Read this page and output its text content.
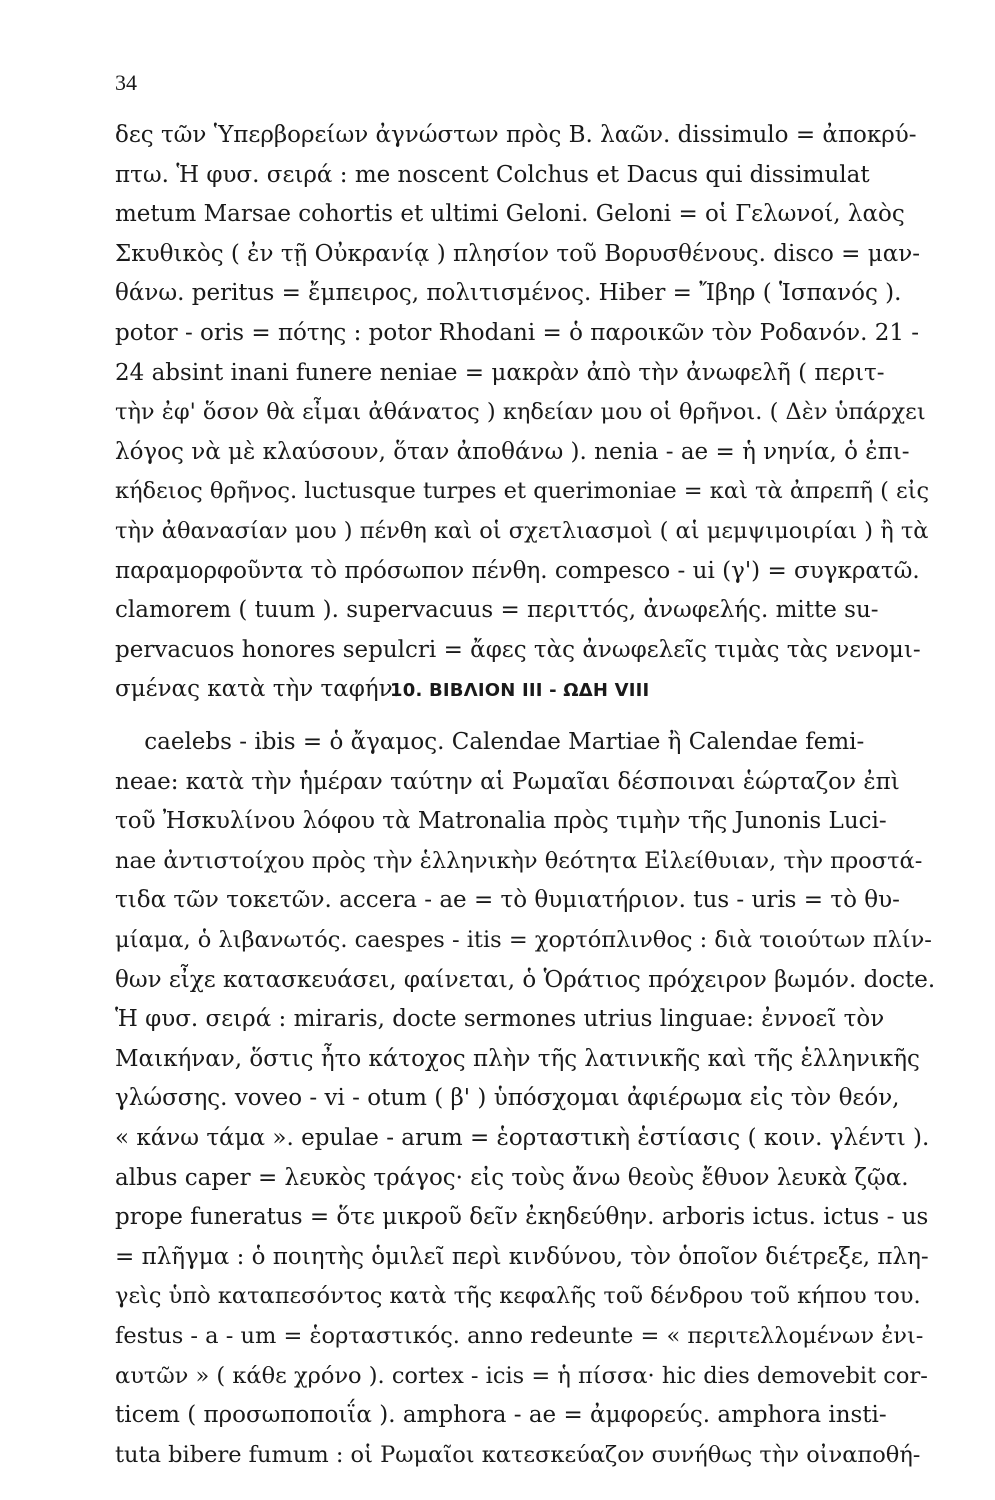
34
δες τῶν Ὑπερβορείων ἀγνώστων πρὸς Β. λαῶν. dissimulo = ἀποκρύ-
πτω. Ἡ φυσ. σειρά : me noscent Colchus et Dacus qui dissimulat
metum Marsae cohortis et ultimi Geloni. Geloni = οἱ Γελωνοί, λαὸς
Σκυθικὸς ( ἐν τῇ Οὐκρανίᾳ ) πλησίον τοῦ Βορυσθένους. disco = μαν-
θάνω. peritus = ἔμπειρος, πολιτισμένος. Hiber = Ἴβηρ ( Ἱσπανός ).
potor - oris = πότης : potor Rhodani = ὁ παροικῶν τὸν Ροδανόν. 21 -
24 absint inani funere neniae = μακρὰν ἀπὸ τὴν ἀνωφελῆ ( περιτ-
τὴν ἐφ' ὅσον θὰ εἶμαι ἀθάνατος ) κηδείαν μου οἱ θρῆνοι. ( Δὲν ὑπάρχει
λόγος νὰ μὲ κλαύσουν, ὅταν ἀποθάνω ). nenia - ae = ἡ νηνία, ὁ ἐπι-
κήδειος θρῆνος. luctusque turpes et querimoniae = καὶ τὰ ἀπρεπῆ ( εἰς
τὴν ἀθανασίαν μου ) πένθη καὶ οἱ σχετλιασμοὶ ( αἱ μεμψιμοιρίαι ) ἢ τὰ
παραμορφοῦντα τὸ πρόσωπον πένθη. compesco - ui (γ') = συγκρατῶ.
clamorem ( tuum ). supervacuus = περιττός, ἀνωφελής. mitte su-
pervacuos honores sepulcri = ἄφες τὰς ἀνωφελεῖς τιμὰς τὰς νενομι-
σμένας κατὰ τὴν ταφήν.
10. ΒΙΒΛΙΟΝ III - ΩΔΗ VIII
caelebs - ibis = ὁ ἄγαμος. Calendae Martiae ἢ Calendae femi-
neae: κατὰ τὴν ἡμέραν ταύτην αἱ Ρωμαῖαι δέσποιναι ἑώρταζον ἐπὶ
τοῦ Ἠσκυλίνου λόφου τὰ Matronalia πρὸς τιμὴν τῆς Junonis Luci-
nae ἀντιστοίχου πρὸς τὴν ἑλληνικὴν θεότητα Εἰλείθυιαν, τὴν προστά-
τιδα τῶν τοκετῶν. accera - ae = τὸ θυμιατήριον. tus - uris = τὸ θυ-
μίαμα, ὁ λιβανωτός. caespes - itis = χορτόπλινθος : διὰ τοιούτων πλίν-
θων εἶχε κατασκευάσει, φαίνεται, ὁ Ὁράτιος πρόχειρον βωμόν. docte.
Ἡ φυσ. σειρά : miraris, docte sermones utrius linguae: ἐννοεῖ τὸν
Μαικήναν, ὅστις ἦτο κάτοχος πλὴν τῆς λατινικῆς καὶ τῆς ἑλληνικῆς
γλώσσης. voveo - vi - otum ( β' ) ὑπόσχομαι ἀφιέρωμα εἰς τὸν θεόν,
« κάνω τάμα ». epulae - arum = ἑορταστικὴ ἑστίασις ( κοιν. γλέντι ).
albus caper = λευκὸς τράγος· εἰς τοὺς ἄνω θεοὺς ἔθυον λευκὰ ζῷα.
prope funeratus = ὅτε μικροῦ δεῖν ἐκηδεύθην. arboris ictus. ictus - us
= πλῆγμα : ὁ ποιητὴς ὁμιλεῖ περὶ κινδύνου, τὸν ὁποῖον διέτρεξε, πλη-
γεὶς ὑπὸ καταπεσόντος κατὰ τῆς κεφαλῆς τοῦ δένδρου τοῦ κήπου του.
festus - a - um = ἑορταστικός. anno redeunte = « περιτελλομένων ἐνι-
αυτῶν » ( κάθε χρόνο ). cortex - icis = ἡ πίσσα· hic dies demovebit cor-
ticem ( προσωποποιΐα ). amphora - ae = ἀμφορεύς. amphora insti-
tuta bibere fumum : οἱ Ρωμαῖοι κατεσκεύαζον συνήθως τὴν οἰναποθή-
